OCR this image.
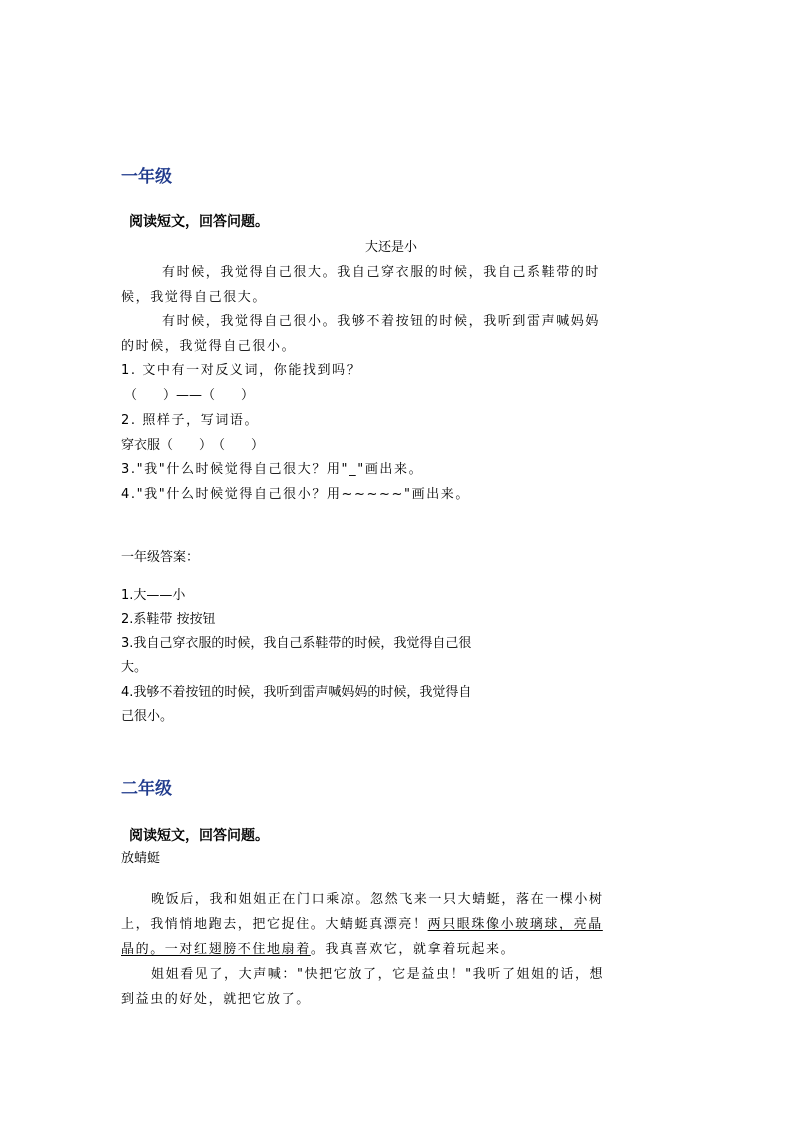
一年级
阅读短文，回答问题。
大还是小
有时候，我觉得自己很大。我自己穿衣服的时候，我自己系鞋带的时
候，我觉得自己很大。
有时候，我觉得自己很小。我够不着按钮的时候，我听到雷声喊妈妈
的时候，我觉得自己很小。
1. 文中有一对反义词，你能找到吗？
（　　）——（　　）
2. 照样子，写词语。
穿衣服（　　）　（　　）
3."我"什么时候觉得自己很大？用"_"画出来。
4."我"什么时候觉得自己很小？用~~~~~"画出来。
一年级答案：
1.大——小
2.系鞋带 按按钮
3.我自己穿衣服的时候，我自己系鞋带的时候，我觉得自己很
大。
4.我够不着按钮的时候，我听到雷声喊妈妈的时候，我觉得自
己很小。
二年级
阅读短文，回答问题。
放蜻蜓
晚饭后，我和姐姐正在门口乘凉。忽然飞来一只大蜻蜓，落在一棵小树
上，我悄悄地跑去，把它捉住。大蜻蜓真漂亮！两只眼珠像小玻璃球，亮晶
晶的。一对红翅膀不住地扇着。我真喜欢它，就拿着玩起来。
姐姐看见了，大声喊："快把它放了，它是益虫！"我听了姐姐的话，想
到益虫的好处，就把它放了。
